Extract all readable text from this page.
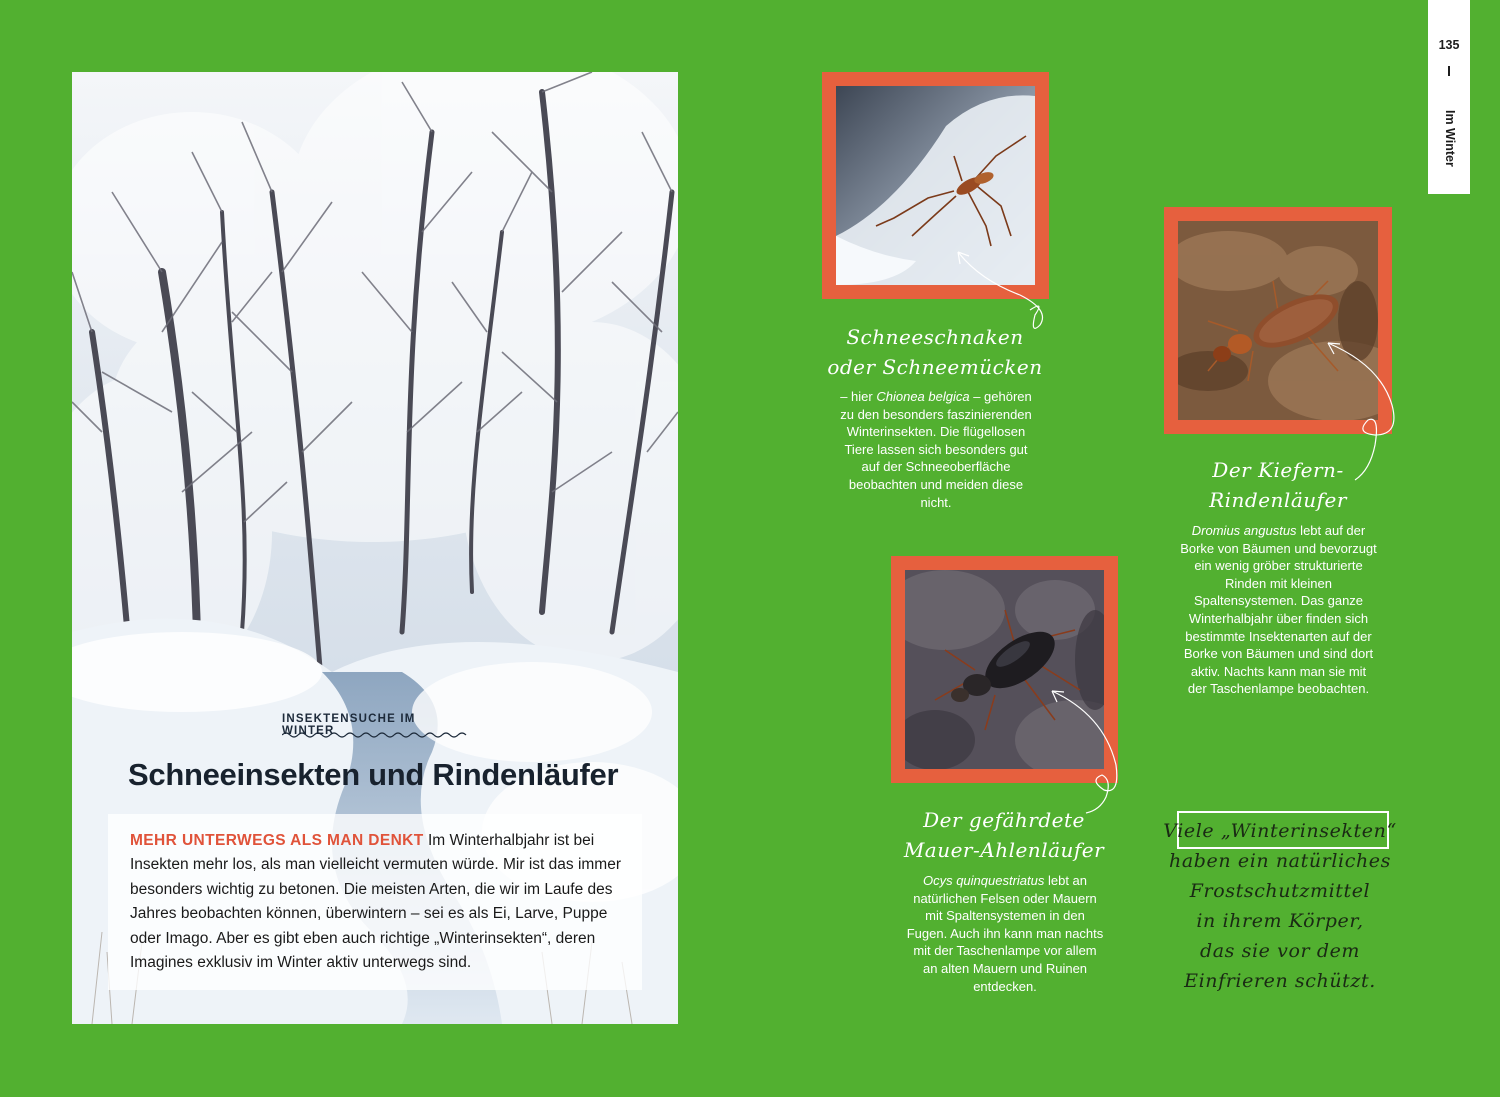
INSEKTENSUCHE IM WINTER
Schneeinsekten und Rindenläufer
MEHR UNTERWEGS ALS MAN DENKT Im Winterhalbjahr ist bei Insekten mehr los, als man vielleicht vermuten würde. Mir ist das immer besonders wichtig zu betonen. Die meisten Arten, die wir im Laufe des Jahres beobachten können, überwintern – sei es als Ei, Larve, Puppe oder Imago. Aber es gibt eben auch richtige „Winterinsekten“, deren Imagines exklusiv im Winter aktiv unterwegs sind.
Schneeschnaken
oder Schneemücken
– hier Chionea belgica – gehören zu den besonders faszinierenden Winterinsekten. Die flügellosen Tiere lassen sich besonders gut auf der Schneeoberfläche beobachten und meiden diese nicht.
Der Kiefern-
Rindenläufer
Dromius angustus lebt auf der Borke von Bäumen und bevorzugt ein wenig gröber strukturierte Rinden mit kleinen Spaltensystemen. Das ganze Winterhalbjahr über finden sich bestimmte Insektenarten auf der Borke von Bäumen und sind dort aktiv. Nachts kann man sie mit der Taschenlampe beobachten.
Der gefährdete
Mauer-Ahlenläufer
Ocys quinquestriatus lebt an natürlichen Felsen oder Mauern mit Spaltensystemen in den Fugen. Auch ihn kann man nachts mit der Taschenlampe vor allem an alten Mauern und Ruinen entdecken.
Viele „Winterinsekten“
haben ein natürliches
Frostschutzmittel
in ihrem Körper,
das sie vor dem
Einfrieren schützt.
135
Im Winter
